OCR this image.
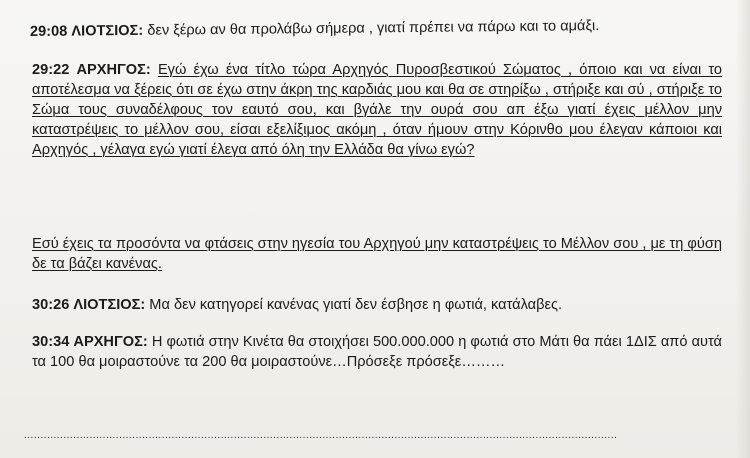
29:08 ΛΙΟΤΣΙΟΣ: δεν ξέρω αν θα προλάβω σήμερα , γιατί πρέπει να πάρω και το αμάξι.
29:22 ΑΡΧΗΓΟΣ: Εγώ έχω ένα τίτλο τώρα Αρχηγός Πυροσβεστικού Σώματος , όποιο και να είναι το αποτέλεσμα να ξέρεις ότι σε έχω στην άκρη της καρδιάς μου και θα σε στηρίξω , στήριξε και σύ , στήριξε το Σώμα τους συναδέλφους τον εαυτό σου, και βγάλε την ουρά σου απ έξω γιατί έχεις μέλλον μην καταστρέψεις το μέλλον σου, είσαι εξελίξιμος ακόμη , όταν ήμουν στην Κόρινθο μου έλεγαν κάποιοι και Αρχηγός , γέλαγα εγώ γιατί έλεγα από όλη την Ελλάδα θα γίνω εγώ?
Εσύ έχεις τα προσόντα να φτάσεις στην ηγεσία του Αρχηγού μην καταστρέψεις το Μέλλον σου , με τη φύση δε τα βάζει κανένας.
30:26 ΛΙΟΤΣΙΟΣ: Μα δεν κατηγορεί κανένας γιατί δεν έσβησε η φωτιά, κατάλαβες.
30:34 ΑΡΧΗΓΟΣ: Η φωτιά στην Κινέτα θα στοιχήσει 500.000.000 η φωτιά στο Μάτι θα πάει 1ΔΙΣ από αυτά τα 100 θα μοιραστούνε τα 200 θα μοιραστούνε…Πρόσεξε πρόσεξε………
.....................................................................................................................................................................................
